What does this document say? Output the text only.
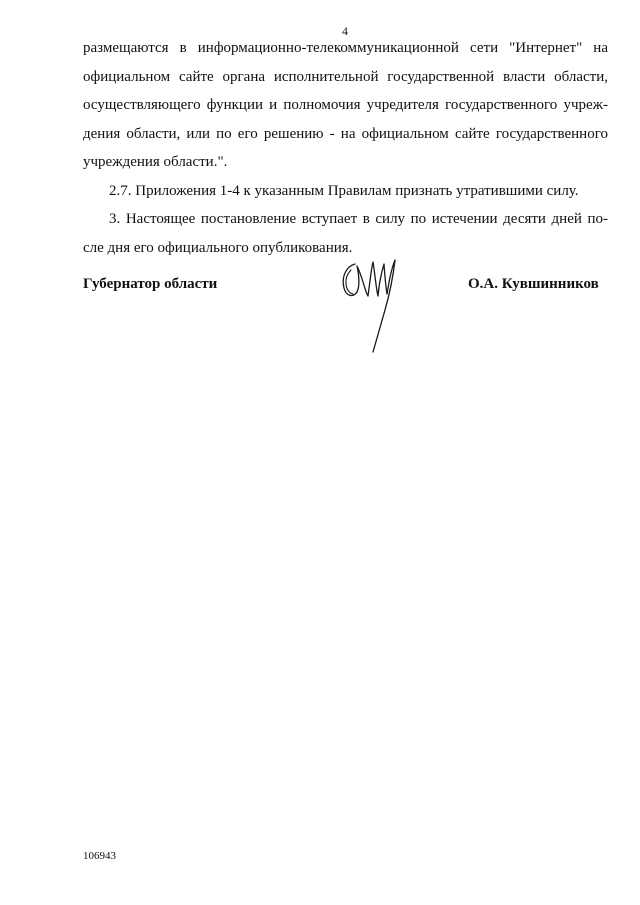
4

размещаются в информационно-телекоммуникационной сети "Интернет" на
официальном сайте органа исполнительной государственной власти области,
осуществляющего функции и полномочия учредителя государственного учреж-
дения области, или по его решению - на официальном сайте государственного
учреждения области.".

2.7. Приложения 1-4 к указанным Правилам признать утратившими силу.

3. Настоящее постановление вступает в силу по истечении десяти дней по-
сле дня его официального опубликования.

Губернатор области	О.А. Кувшинников
106943
